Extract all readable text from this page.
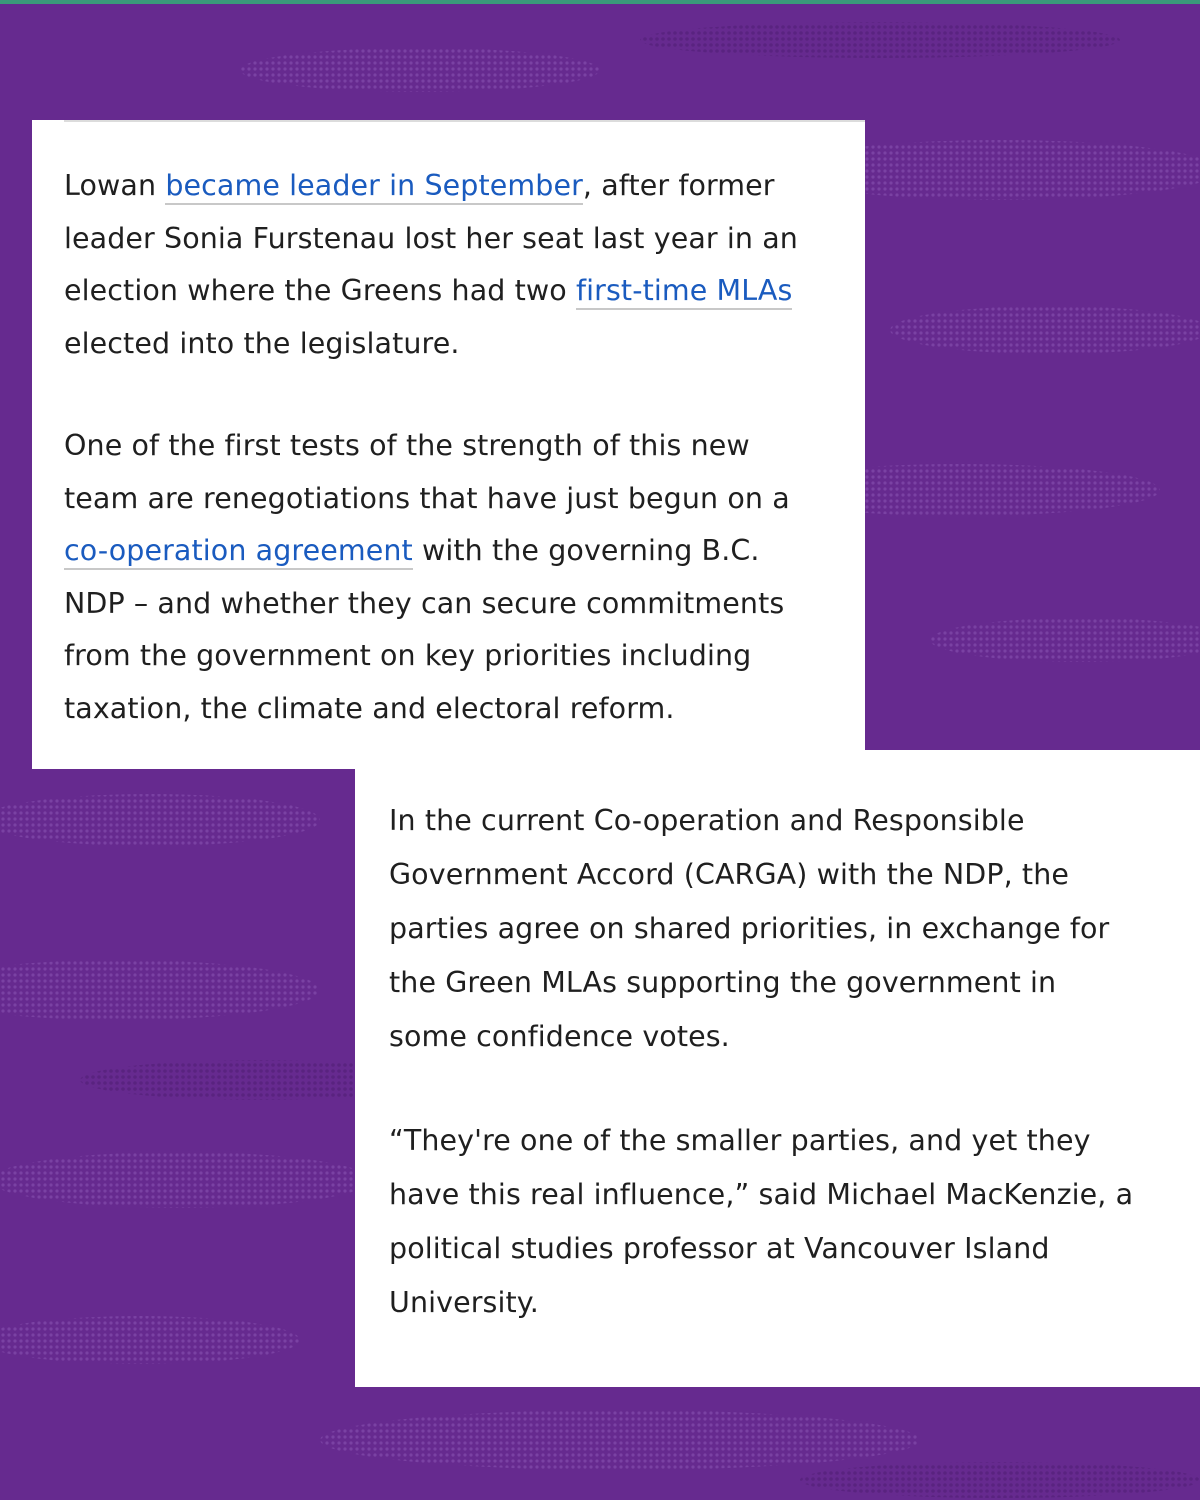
Lowan became leader in September, after former
leader Sonia Furstenau lost her seat last year in an
election where the Greens had two first-time MLAs
elected into the legislature.

One of the first tests of the strength of this new
team are renegotiations that have just begun on a
co-operation agreement with the governing B.C.
NDP – and whether they can secure commitments
from the government on key priorities including
taxation, the climate and electoral reform.

In the current Co-operation and Responsible
Government Accord (CARGA) with the NDP, the
parties agree on shared priorities, in exchange for
the Green MLAs supporting the government in
some confidence votes.

“They're one of the smaller parties, and yet they
have this real influence,” said Michael MacKenzie, a
political studies professor at Vancouver Island
University.
